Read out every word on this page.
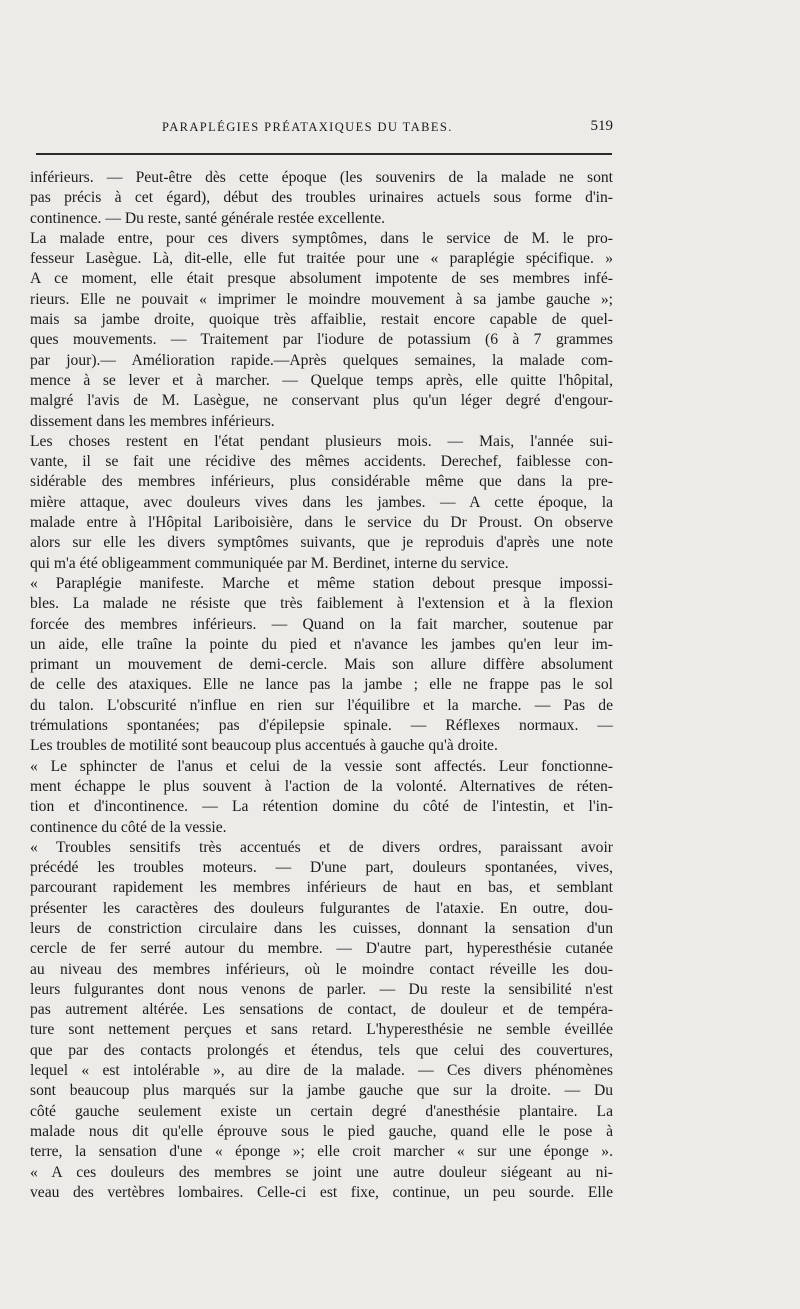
PARAPLÉGIES PRÉATAXIQUES DU TABES.	519

inférieurs. — Peut-être dès cette époque (les souvenirs de la malade ne sont
pas précis à cet égard), début des troubles urinaires actuels sous forme d'in-
continence. — Du reste, santé générale restée excellente.
La malade entre, pour ces divers symptômes, dans le service de M. le pro-
fesseur Lasègue. Là, dit-elle, elle fut traitée pour une « paraplégie spécifique. »
A ce moment, elle était presque absolument impotente de ses membres infé-
rieurs. Elle ne pouvait « imprimer le moindre mouvement à sa jambe gauche »;
mais sa jambe droite, quoique très affaiblie, restait encore capable de quel-
ques mouvements. — Traitement par l'iodure de potassium (6 à 7 grammes
par jour).— Amélioration rapide.—Après quelques semaines, la malade com-
mence à se lever et à marcher. — Quelque temps après, elle quitte l'hôpital,
malgré l'avis de M. Lasègue, ne conservant plus qu'un léger degré d'engour-
dissement dans les membres inférieurs.
Les choses restent en l'état pendant plusieurs mois. — Mais, l'année sui-
vante, il se fait une récidive des mêmes accidents. Derechef, faiblesse con-
sidérable des membres inférieurs, plus considérable même que dans la pre-
mière attaque, avec douleurs vives dans les jambes. — A cette époque, la
malade entre à l'Hôpital Lariboisière, dans le service du Dr Proust. On observe
alors sur elle les divers symptômes suivants, que je reproduis d'après une note
qui m'a été obligeamment communiquée par M. Berdinet, interne du service.
« Paraplégie manifeste. Marche et même station debout presque impossi-
bles. La malade ne résiste que très faiblement à l'extension et à la flexion
forcée des membres inférieurs. — Quand on la fait marcher, soutenue par
un aide, elle traîne la pointe du pied et n'avance les jambes qu'en leur im-
primant un mouvement de demi-cercle. Mais son allure diffère absolument
de celle des ataxiques. Elle ne lance pas la jambe ; elle ne frappe pas le sol
du talon. L'obscurité n'influe en rien sur l'équilibre et la marche. — Pas de
trémulations spontanées; pas d'épilepsie spinale. — Réflexes normaux. —
Les troubles de motilité sont beaucoup plus accentués à gauche qu'à droite.
« Le sphincter de l'anus et celui de la vessie sont affectés. Leur fonctionne-
ment échappe le plus souvent à l'action de la volonté. Alternatives de réten-
tion et d'incontinence. — La rétention domine du côté de l'intestin, et l'in-
continence du côté de la vessie.
« Troubles sensitifs très accentués et de divers ordres, paraissant avoir
précédé les troubles moteurs. — D'une part, douleurs spontanées, vives,
parcourant rapidement les membres inférieurs de haut en bas, et semblant
présenter les caractères des douleurs fulgurantes de l'ataxie. En outre, dou-
leurs de constriction circulaire dans les cuisses, donnant la sensation d'un
cercle de fer serré autour du membre. — D'autre part, hyperesthésie cutanée
au niveau des membres inférieurs, où le moindre contact réveille les dou-
leurs fulgurantes dont nous venons de parler. — Du reste la sensibilité n'est
pas autrement altérée. Les sensations de contact, de douleur et de tempéra-
ture sont nettement perçues et sans retard. L'hyperesthésie ne semble éveillée
que par des contacts prolongés et étendus, tels que celui des couvertures,
lequel « est intolérable », au dire de la malade. — Ces divers phénomènes
sont beaucoup plus marqués sur la jambe gauche que sur la droite. — Du
côté gauche seulement existe un certain degré d'anesthésie plantaire. La
malade nous dit qu'elle éprouve sous le pied gauche, quand elle le pose à
terre, la sensation d'une « éponge »; elle croit marcher « sur une éponge ».
« A ces douleurs des membres se joint une autre douleur siégeant au ni-
veau des vertèbres lombaires. Celle-ci est fixe, continue, un peu sourde. Elle
